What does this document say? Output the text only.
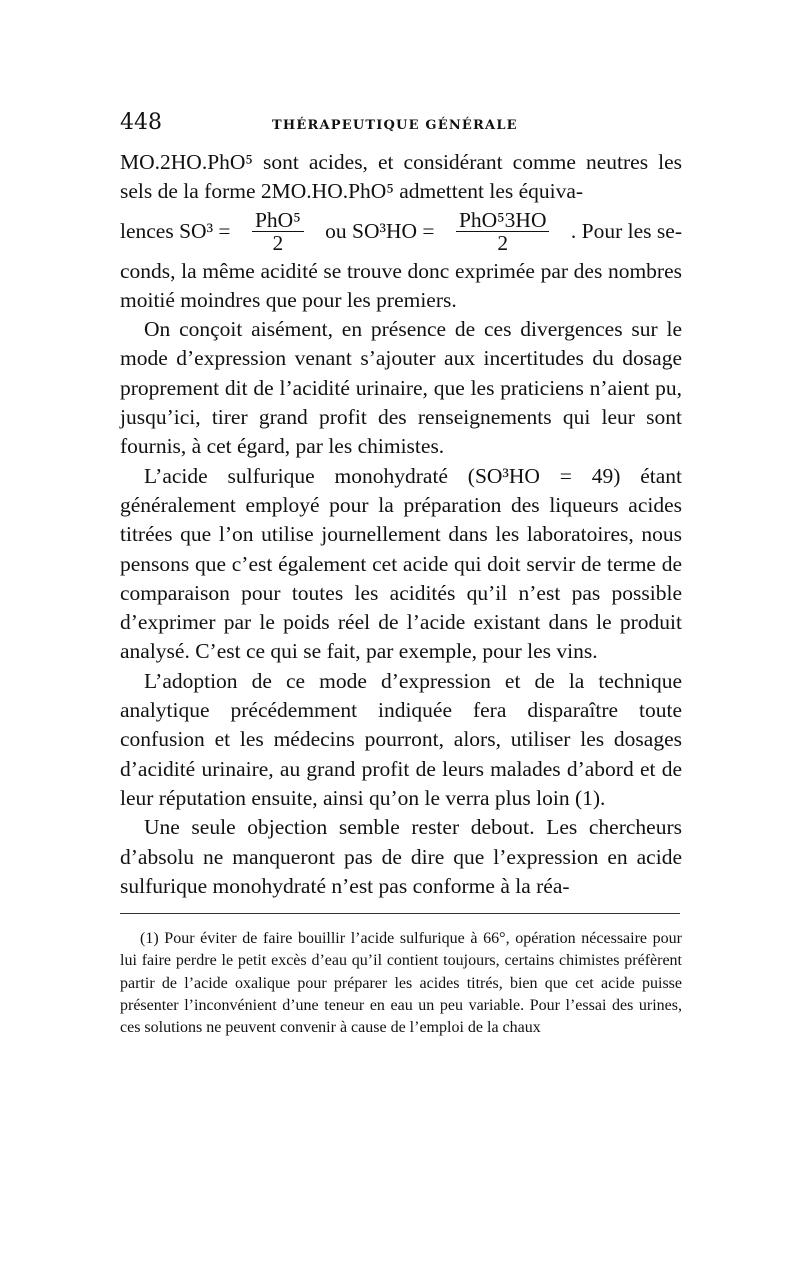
448	THÉRAPEUTIQUE GÉNÉRALE

MO.2HO.PhO⁵ sont acides, et considérant comme neutres les sels de la forme 2MO.HO.PhO⁵ admettent les équiva-

lences $SO^3 = \frac{\text{PhO⁵}}{2}$ ou $SO^3HO = \frac{\text{PhO⁵3HO}}{2}$ . Pour les se-

conds, la même acidité se trouve donc exprimée par des nombres moitié moindres que pour les premiers.

On conçoit aisément, en présence de ces divergences sur le mode d’expression venant s’ajouter aux incertitudes du dosage proprement dit de l’acidité urinaire, que les praticiens n’aient pu, jusqu’ici, tirer grand profit des renseignements qui leur sont fournis, à cet égard, par les chimistes.

L’acide sulfurique monohydraté (SO³HO = 49) étant généralement employé pour la préparation des liqueurs acides titrées que l’on utilise journellement dans les laboratoires, nous pensons que c’est également cet acide qui doit servir de terme de comparaison pour toutes les acidités qu’il n’est pas possible d’exprimer par le poids réel de l’acide existant dans le produit analysé. C’est ce qui se fait, par exemple, pour les vins.

L’adoption de ce mode d’expression et de la technique analytique précédemment indiquée fera disparaître toute confusion et les médecins pourront, alors, utiliser les dosages d’acidité urinaire, au grand profit de leurs malades d’abord et de leur réputation ensuite, ainsi qu’on le verra plus loin (1).

Une seule objection semble rester debout. Les chercheurs d’absolu ne manqueront pas de dire que l’expression en acide sulfurique monohydraté n’est pas conforme à la réa-

(1) Pour éviter de faire bouillir l’acide sulfurique à 66°, opération nécessaire pour lui faire perdre le petit excès d’eau qu’il contient toujours, certains chimistes préfèrent partir de l’acide oxalique pour préparer les acides titrés, bien que cet acide puisse présenter l’inconvénient d’une teneur en eau un peu variable. Pour l’essai des urines, ces solutions ne peuvent convenir à cause de l’emploi de la chaux
